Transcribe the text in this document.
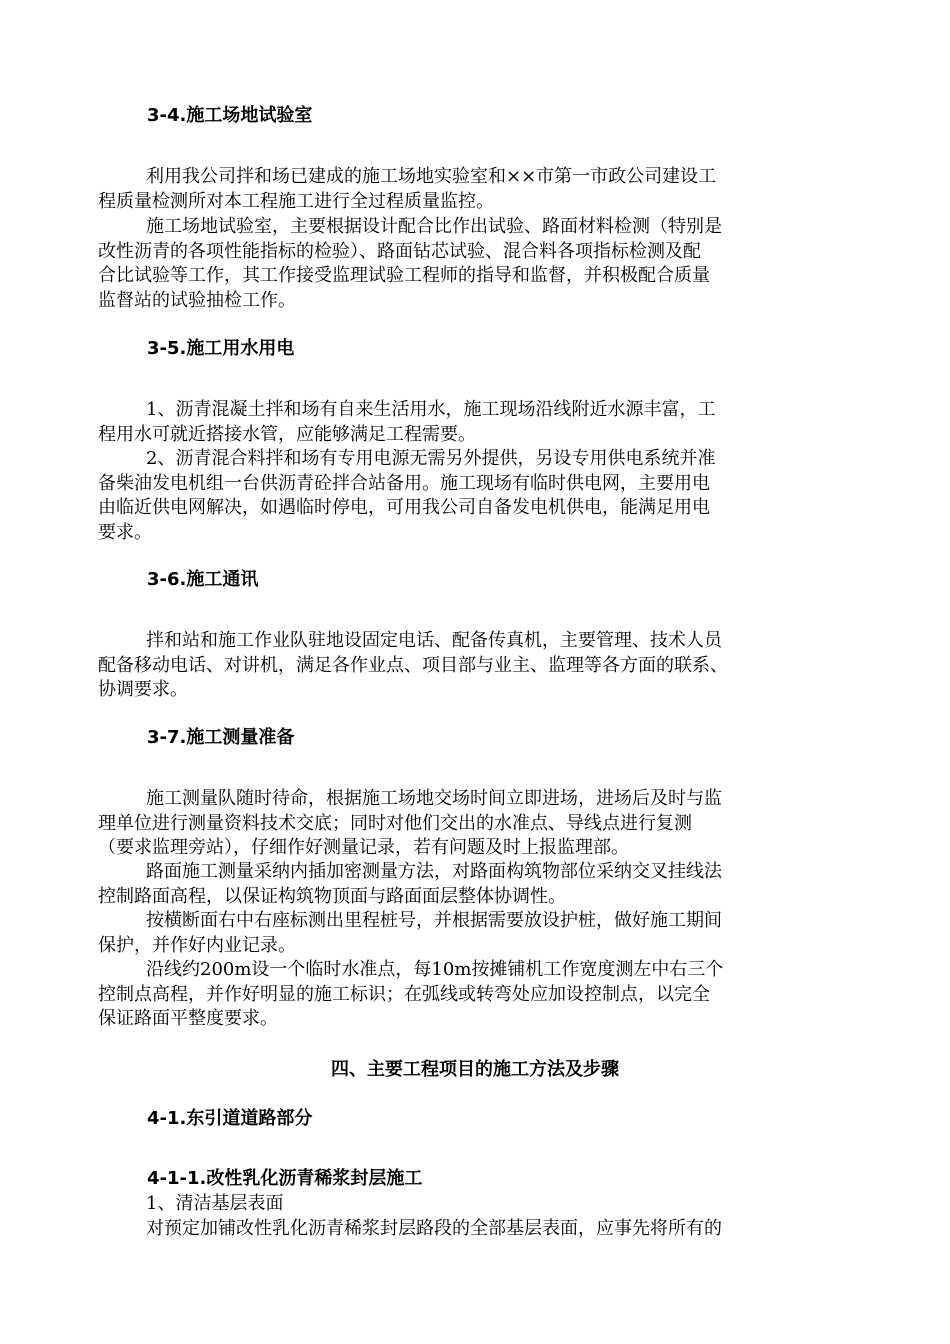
3-4.施工场地试验室
利用我公司拌和场已建成的施工场地实验室和××市第一市政公司建设工
程质量检测所对本工程施工进行全过程质量监控。
施工场地试验室，主要根据设计配合比作出试验、路面材料检测（特别是
改性沥青的各项性能指标的检验）、路面钻芯试验、混合料各项指标检测及配
合比试验等工作，其工作接受监理试验工程师的指导和监督，并积极配合质量
监督站的试验抽检工作。
3-5.施工用水用电
1、沥青混凝土拌和场有自来生活用水，施工现场沿线附近水源丰富，工
程用水可就近搭接水管，应能够满足工程需要。
2、沥青混合料拌和场有专用电源无需另外提供，另设专用供电系统并准
备柴油发电机组一台供沥青砼拌合站备用。施工现场有临时供电网，主要用电
由临近供电网解决，如遇临时停电，可用我公司自备发电机供电，能满足用电
要求。
3-6.施工通讯
拌和站和施工作业队驻地设固定电话、配备传真机，主要管理、技术人员
配备移动电话、对讲机，满足各作业点、项目部与业主、监理等各方面的联系、
协调要求。
3-7.施工测量准备
施工测量队随时待命，根据施工场地交场时间立即进场，进场后及时与监
理单位进行测量资料技术交底；同时对他们交出的水准点、导线点进行复测
（要求监理旁站），仔细作好测量记录，若有问题及时上报监理部。
路面施工测量采纳内插加密测量方法，对路面构筑物部位采纳交叉挂线法
控制路面高程，以保证构筑物顶面与路面面层整体协调性。
按横断面右中右座标测出里程桩号，并根据需要放设护桩，做好施工期间
保护，并作好内业记录。
沿线约200m设一个临时水准点，每10m按摊铺机工作宽度测左中右三个
控制点高程，并作好明显的施工标识；在弧线或转弯处应加设控制点，以完全
保证路面平整度要求。
四、主要工程项目的施工方法及步骤
4-1.东引道道路部分
4-1-1.改性乳化沥青稀浆封层施工
1、清洁基层表面
对预定加铺改性乳化沥青稀浆封层路段的全部基层表面，应事先将所有的
